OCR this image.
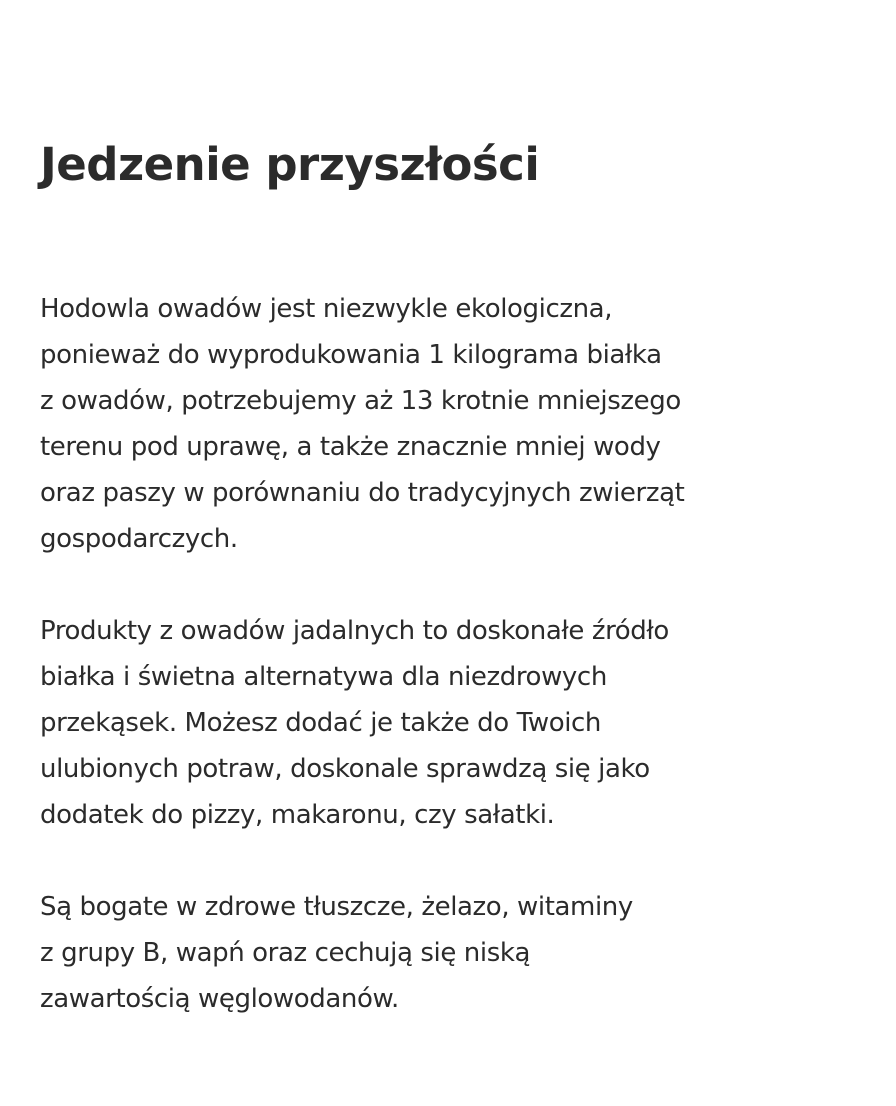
Jedzenie przyszłości

Hodowla owadów jest niezwykle ekologiczna,
ponieważ do wyprodukowania 1 kilograma białka
z owadów, potrzebujemy aż 13 krotnie mniejszego
terenu pod uprawę, a także znacznie mniej wody
oraz paszy w porównaniu do tradycyjnych zwierząt
gospodarczych.

Produkty z owadów jadalnych to doskonałe źródło
białka i świetna alternatywa dla niezdrowych
przekąsek. Możesz dodać je także do Twoich
ulubionych potraw, doskonale sprawdzą się jako
dodatek do pizzy, makaronu, czy sałatki.

Są bogate w zdrowe tłuszcze, żelazo, witaminy
z grupy B, wapń oraz cechują się niską
zawartością węglowodanów.
